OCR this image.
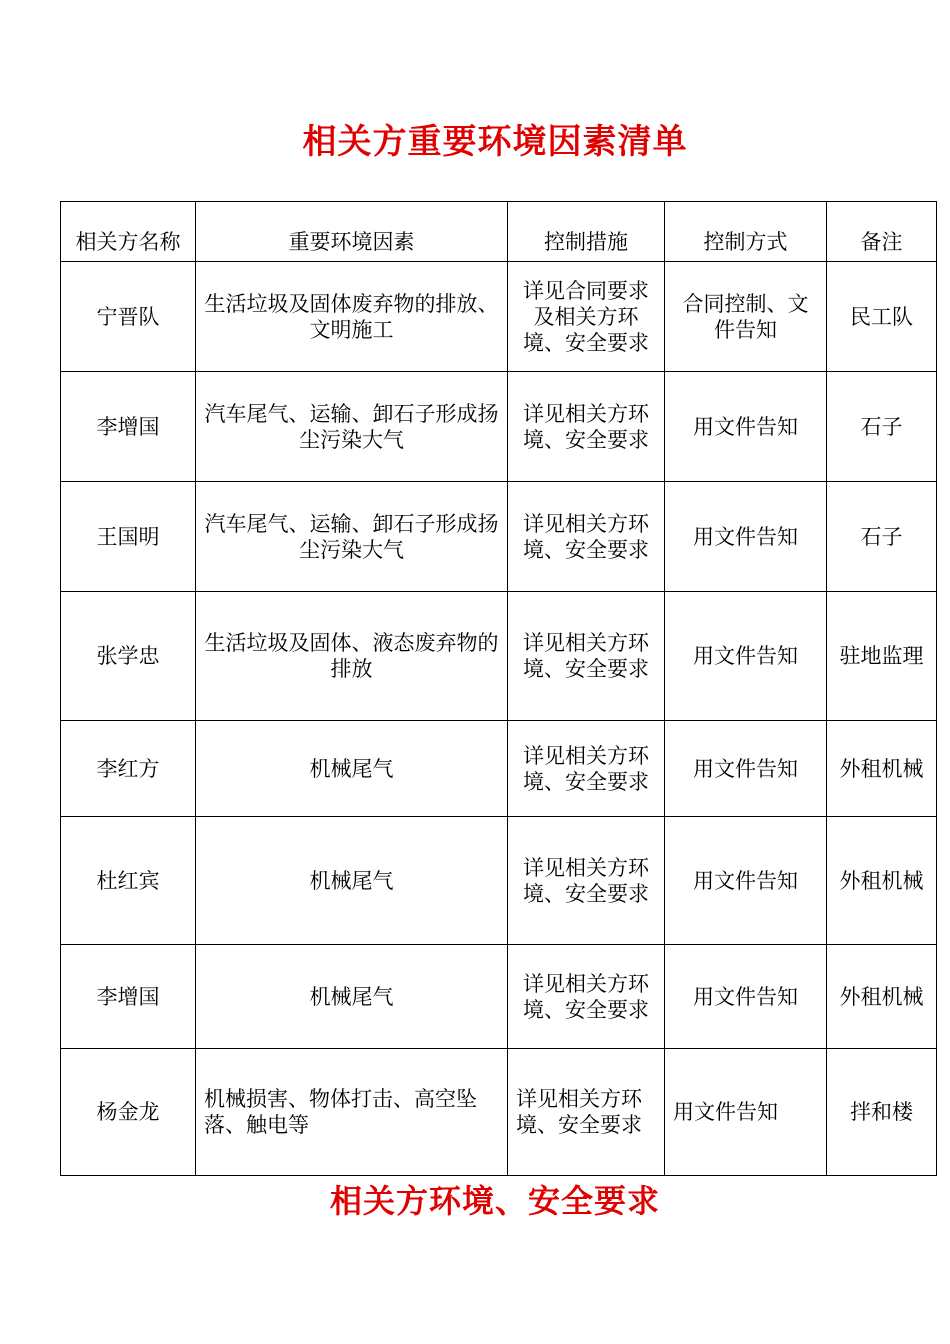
相关方重要环境因素清单
相关方名称	重要环境因素	控制措施	控制方式	备注
宁晋队	生活垃圾及固体废弃物的排放、文明施工	详见合同要求及相关方环境、安全要求	合同控制、文件告知	民工队
李增国	汽车尾气、运输、卸石子形成扬尘污染大气	详见相关方环境、安全要求	用文件告知	石子
王国明	汽车尾气、运输、卸石子形成扬尘污染大气	详见相关方环境、安全要求	用文件告知	石子
张学忠	生活垃圾及固体、液态废弃物的排放	详见相关方环境、安全要求	用文件告知	驻地监理
李红方	机械尾气	详见相关方环境、安全要求	用文件告知	外租机械
杜红宾	机械尾气	详见相关方环境、安全要求	用文件告知	外租机械
李增国	机械尾气	详见相关方环境、安全要求	用文件告知	外租机械
杨金龙	机械损害、物体打击、高空坠落、触电等	详见相关方环境、安全要求	用文件告知	拌和楼
相关方环境、安全要求
